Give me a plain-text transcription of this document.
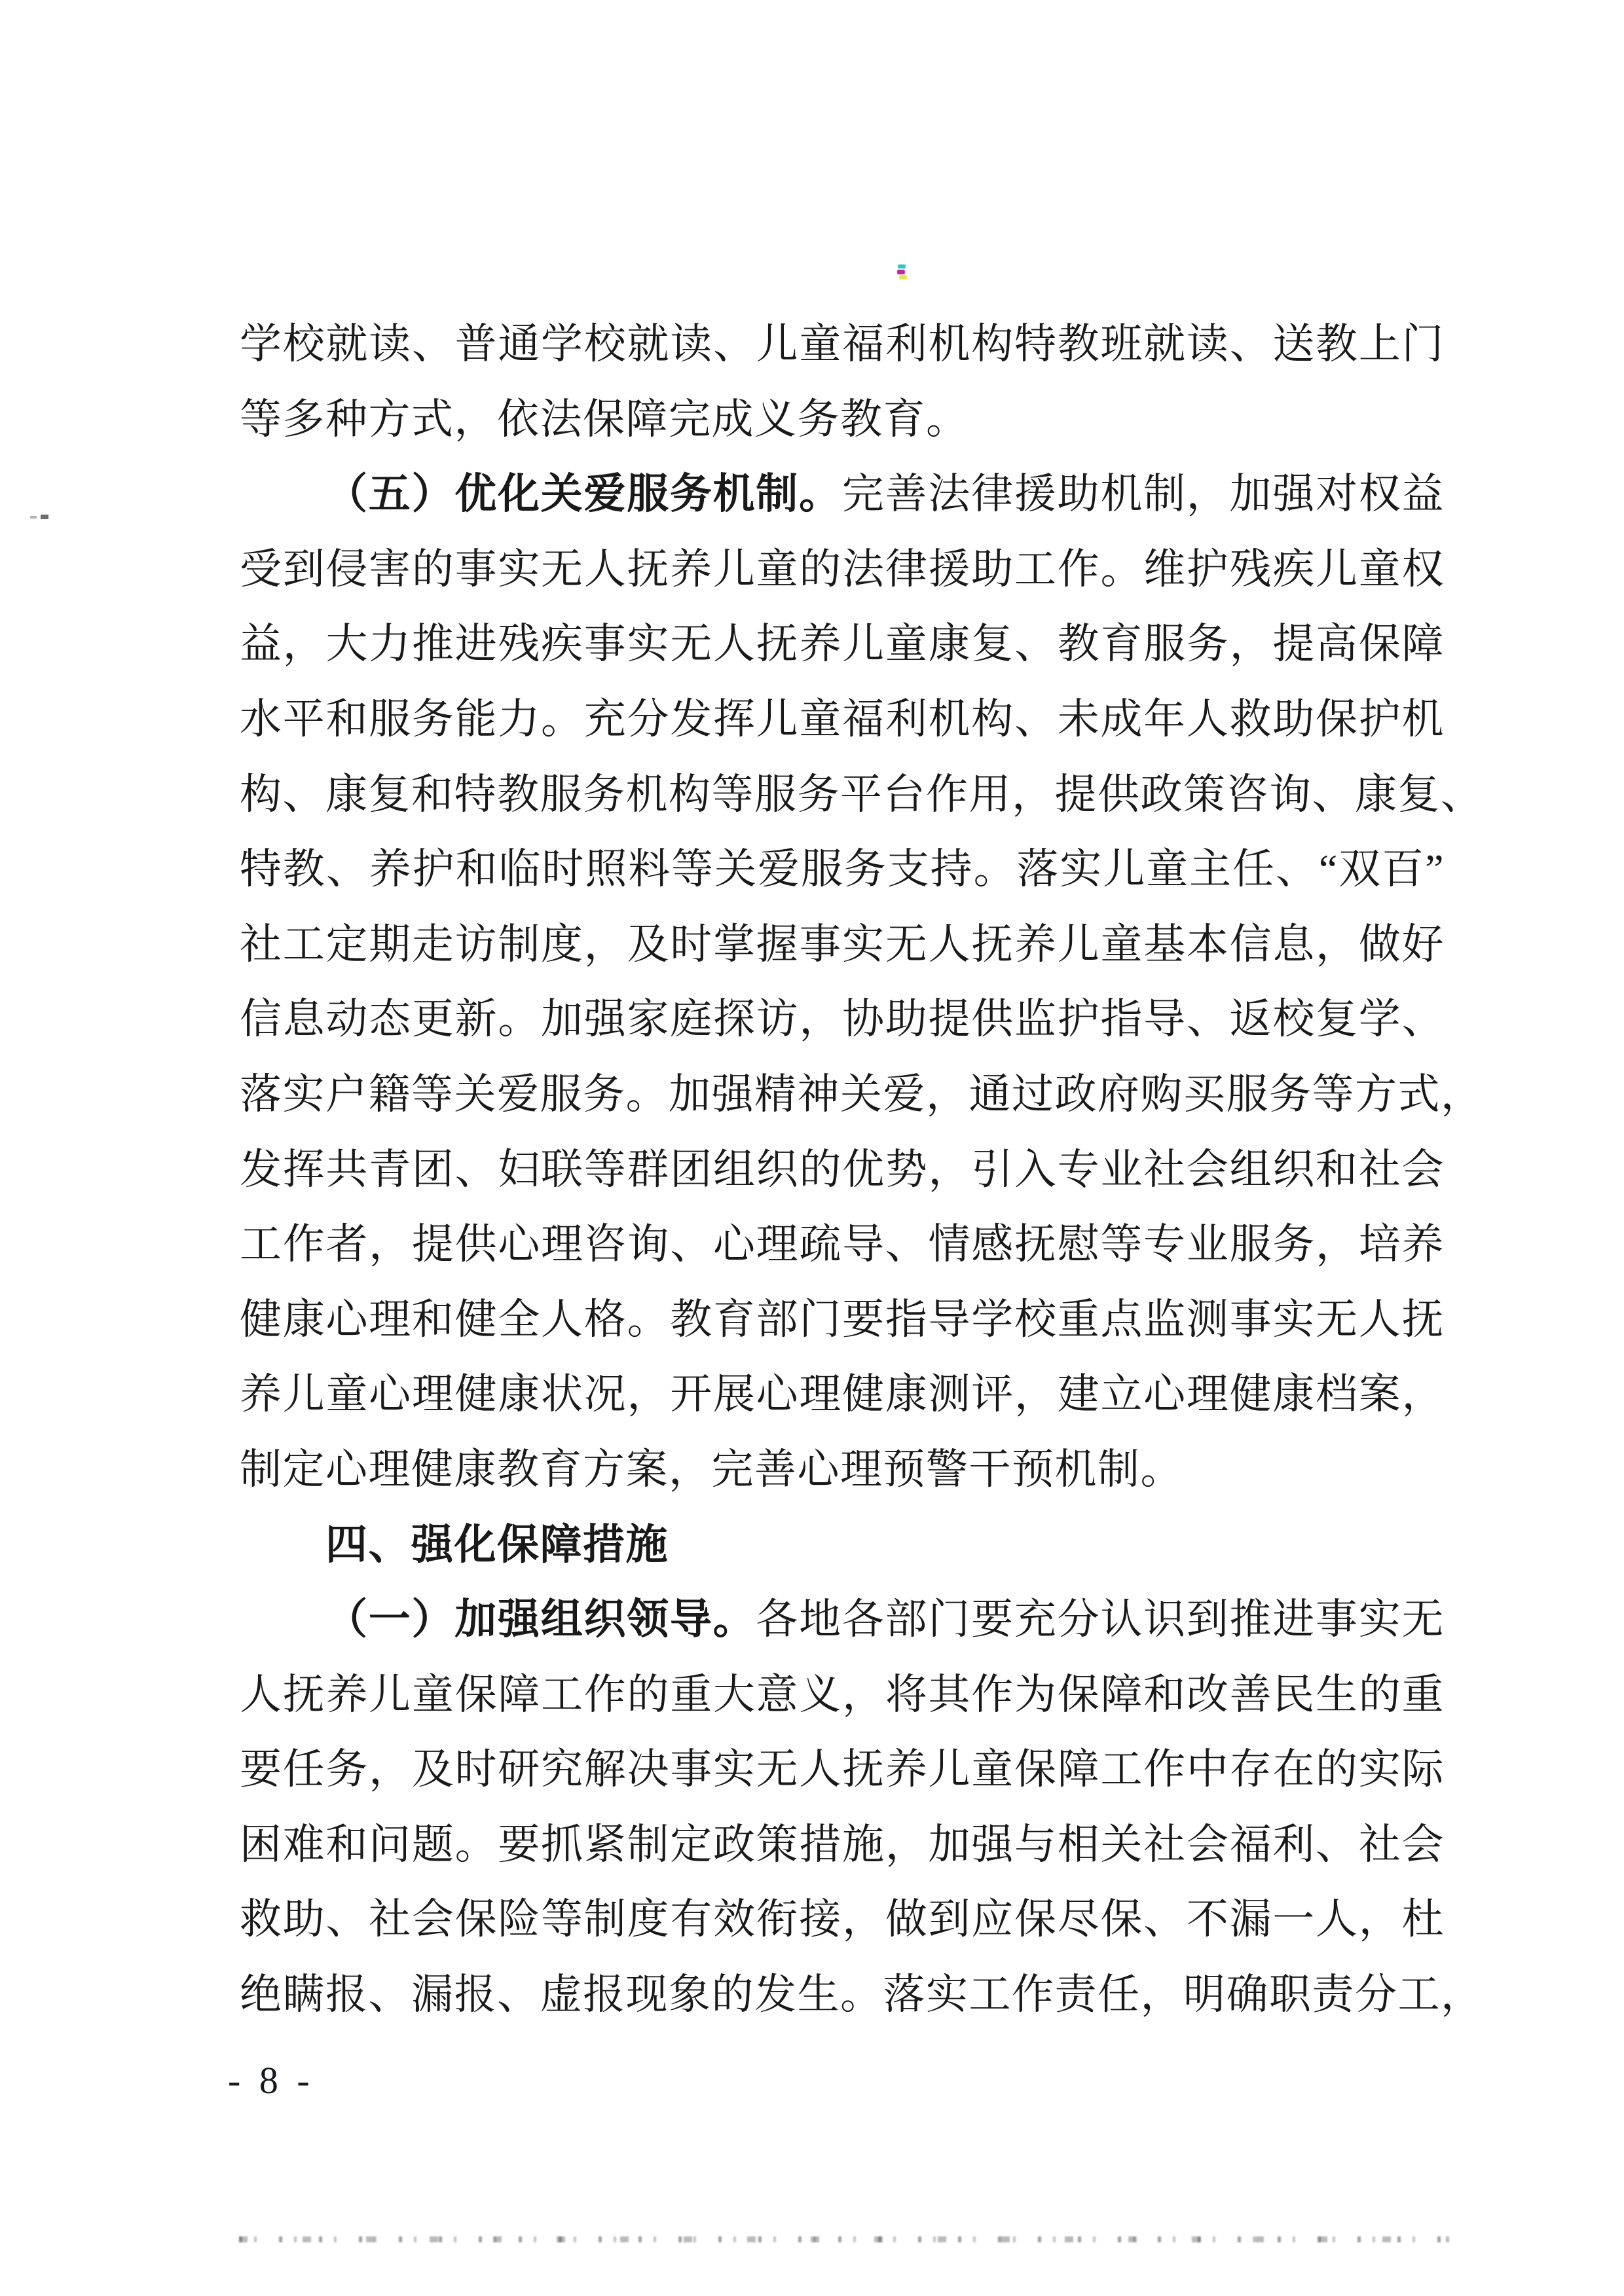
学校就读、普通学校就读、儿童福利机构特教班就读、送教上门
等多种方式，依法保障完成义务教育。
（五）优化关爱服务机制。完善法律援助机制，加强对权益
受到侵害的事实无人抚养儿童的法律援助工作。维护残疾儿童权
益，大力推进残疾事实无人抚养儿童康复、教育服务，提高保障
水平和服务能力。充分发挥儿童福利机构、未成年人救助保护机
构、康复和特教服务机构等服务平台作用，提供政策咨询、康复、
特教、养护和临时照料等关爱服务支持。落实儿童主任、“双百”
社工定期走访制度，及时掌握事实无人抚养儿童基本信息，做好
信息动态更新。加强家庭探访，协助提供监护指导、返校复学、
落实户籍等关爱服务。加强精神关爱，通过政府购买服务等方式，
发挥共青团、妇联等群团组织的优势，引入专业社会组织和社会
工作者，提供心理咨询、心理疏导、情感抚慰等专业服务，培养
健康心理和健全人格。教育部门要指导学校重点监测事实无人抚
养儿童心理健康状况，开展心理健康测评，建立心理健康档案，
制定心理健康教育方案，完善心理预警干预机制。
四、强化保障措施
（一）加强组织领导。各地各部门要充分认识到推进事实无
人抚养儿童保障工作的重大意义，将其作为保障和改善民生的重
要任务，及时研究解决事实无人抚养儿童保障工作中存在的实际
困难和问题。要抓紧制定政策措施，加强与相关社会福利、社会
救助、社会保险等制度有效衔接，做到应保尽保、不漏一人，杜
绝瞒报、漏报、虚报现象的发生。落实工作责任，明确职责分工，
- 8 -
